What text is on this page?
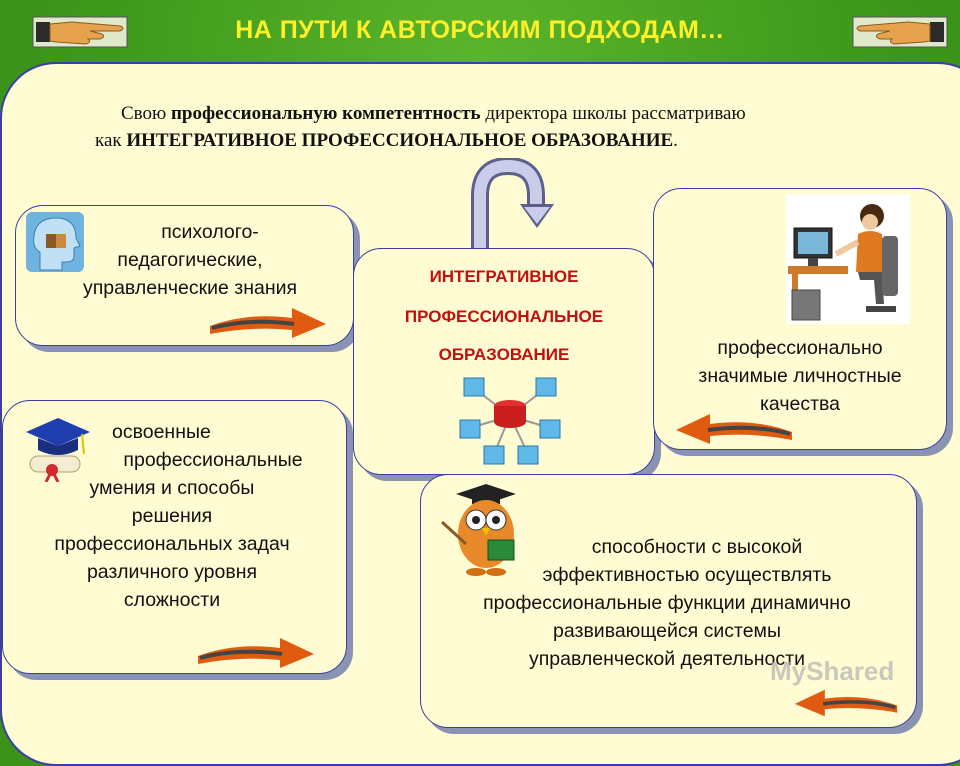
НА ПУТИ К АВТОРСКИМ ПОДХОДАМ…
Свою профессиональную компетентность директора школы рассматриваю
как ИНТЕГРАТИВНОЕ ПРОФЕССИОНАЛЬНОЕ ОБРАЗОВАНИЕ.
психолого-
педагогические,
управленческие знания
ИНТЕГРАТИВНОЕ
ПРОФЕССИОНАЛЬНОЕ
ОБРАЗОВАНИЕ	профессионально
значимые личностные
качества
освоенные
профессиональные
умения и способы
решения
профессиональных задач
различного уровня
сложности
способности с высокой
эффективностью осуществлять
профессиональные функции динамично
развивающейся системы
управленческой деятельности
MyShared
